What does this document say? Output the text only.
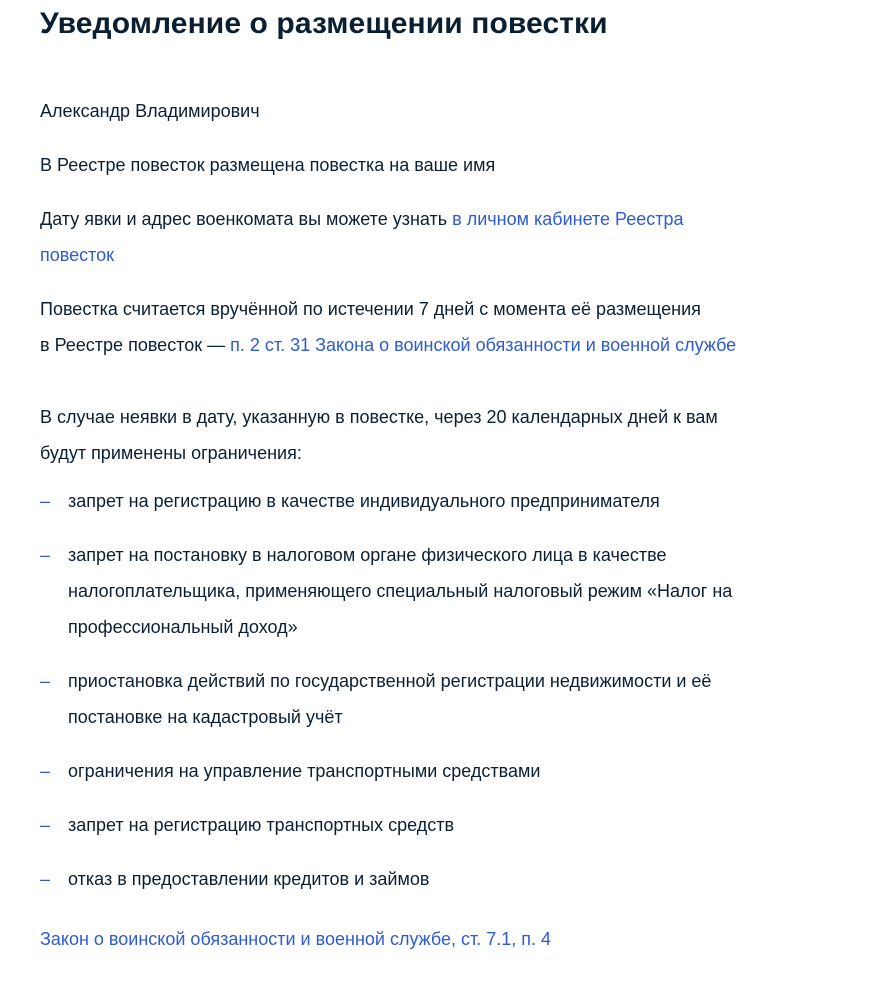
Уведомление о размещении повестки

Александр Владимирович

В Реестре повесток размещена повестка на ваше имя

Дату явки и адрес военкомата вы можете узнать в личном кабинете Реестра повесток

Повестка считается вручённой по истечении 7 дней с момента её размещения
в Реестре повесток — п. 2 ст. 31 Закона о воинской обязанности и военной службе

В случае неявки в дату, указанную в повестке, через 20 календарных дней к вам будут применены ограничения:

– запрет на регистрацию в качестве индивидуального предпринимателя
– запрет на постановку в налоговом органе физического лица в качестве налогоплательщика, применяющего специальный налоговый режим «Налог на профессиональный доход»
– приостановка действий по государственной регистрации недвижимости и её постановке на кадастровый учёт
– ограничения на управление транспортными средствами
– запрет на регистрацию транспортных средств
– отказ в предоставлении кредитов и займов

Закон о воинской обязанности и военной службе, ст. 7.1, п. 4
